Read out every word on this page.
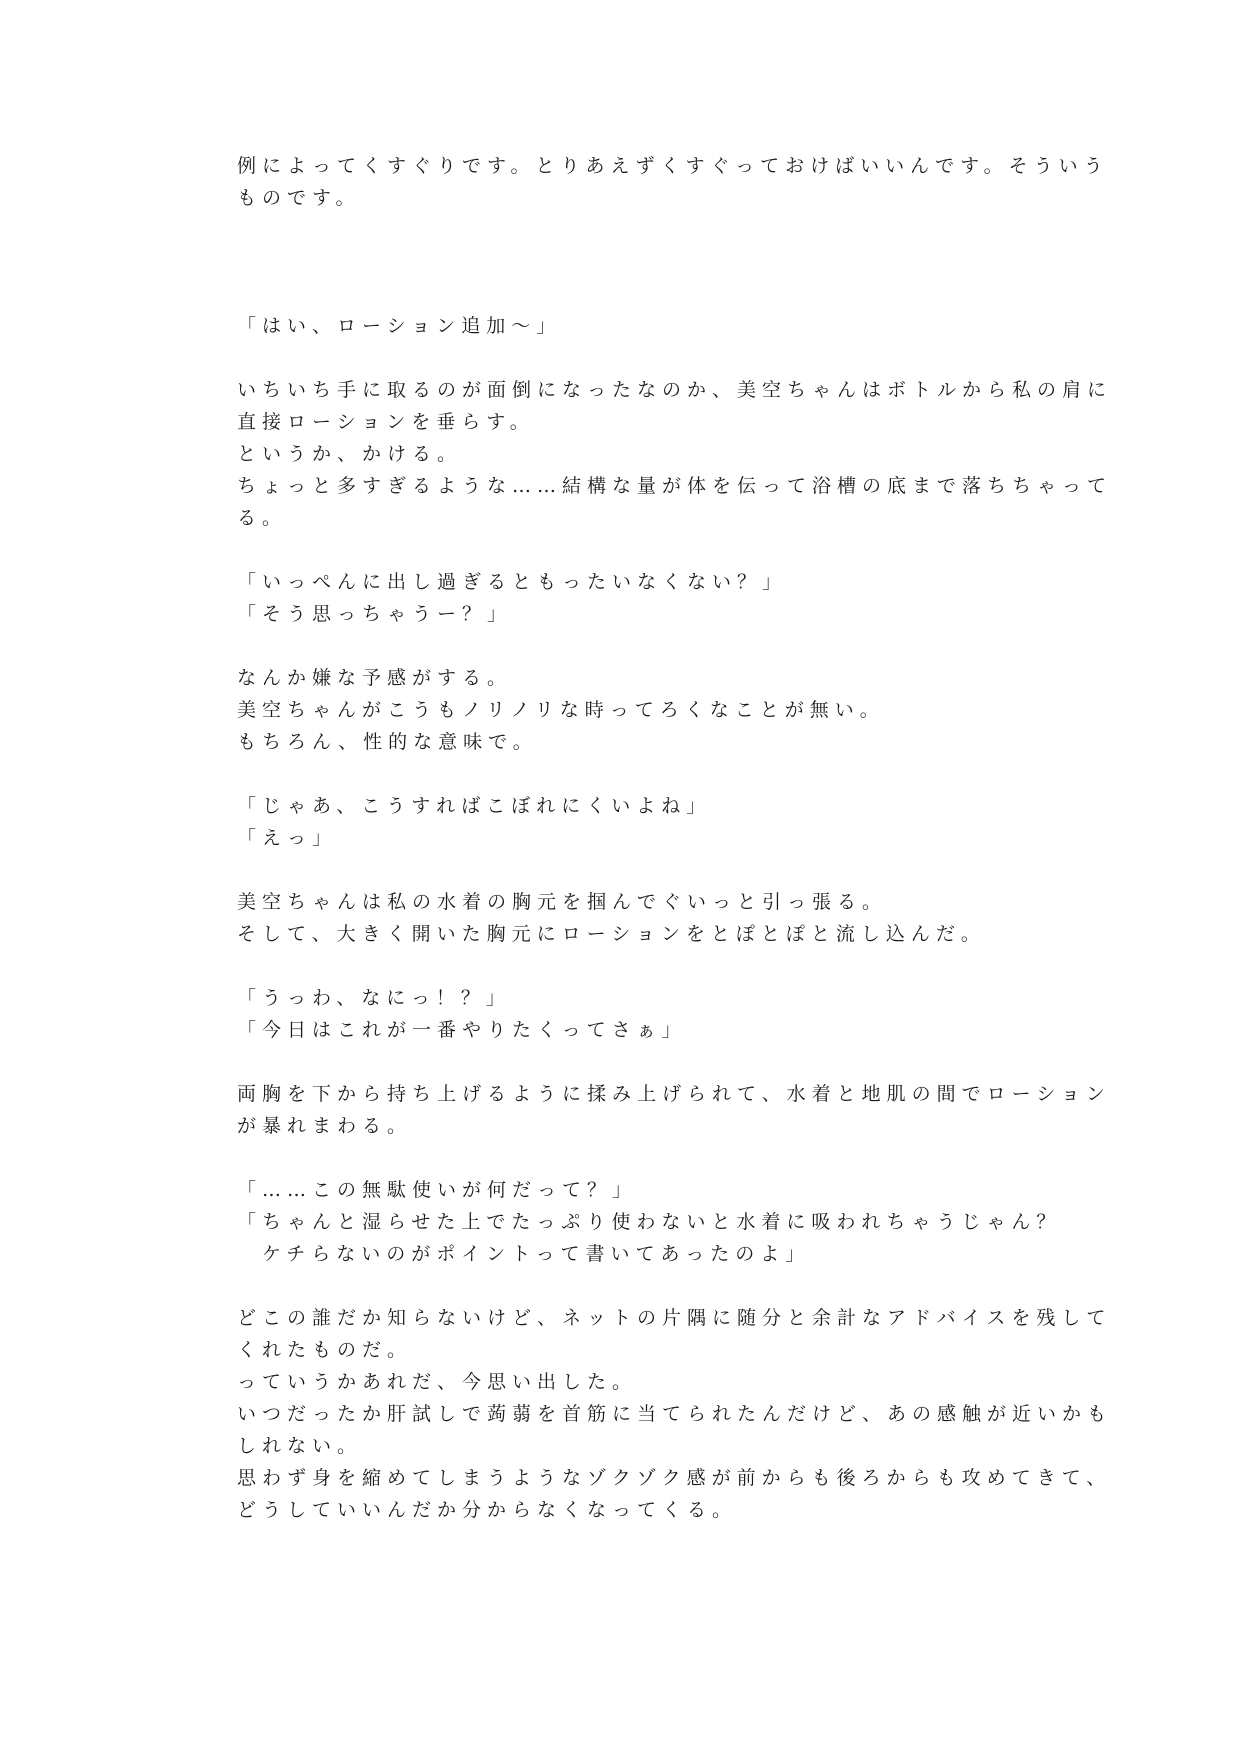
例によってくすぐりです。とりあえずくすぐっておけばいいんです。そういう
ものです。
「はい、ローション追加～」
いちいち手に取るのが面倒になったなのか、美空ちゃんはボトルから私の肩に
直接ローションを垂らす。
というか、かける。
ちょっと多すぎるような……結構な量が体を伝って浴槽の底まで落ちちゃって
る。
「いっぺんに出し過ぎるともったいなくない？」
「そう思っちゃうー？」
なんか嫌な予感がする。
美空ちゃんがこうもノリノリな時ってろくなことが無い。
もちろん、性的な意味で。
「じゃあ、こうすればこぼれにくいよね」
「えっ」
美空ちゃんは私の水着の胸元を掴んでぐいっと引っ張る。
そして、大きく開いた胸元にローションをとぽとぽと流し込んだ。
「うっわ、なにっ！？」
「今日はこれが一番やりたくってさぁ」
両胸を下から持ち上げるように揉み上げられて、水着と地肌の間でローション
が暴れまわる。
「……この無駄使いが何だって？」
「ちゃんと湿らせた上でたっぷり使わないと水着に吸われちゃうじゃん？
　ケチらないのがポイントって書いてあったのよ」
どこの誰だか知らないけど、ネットの片隅に随分と余計なアドバイスを残して
くれたものだ。
っていうかあれだ、今思い出した。
いつだったか肝試しで蒟蒻を首筋に当てられたんだけど、あの感触が近いかも
しれない。
思わず身を縮めてしまうようなゾクゾク感が前からも後ろからも攻めてきて、
どうしていいんだか分からなくなってくる。
